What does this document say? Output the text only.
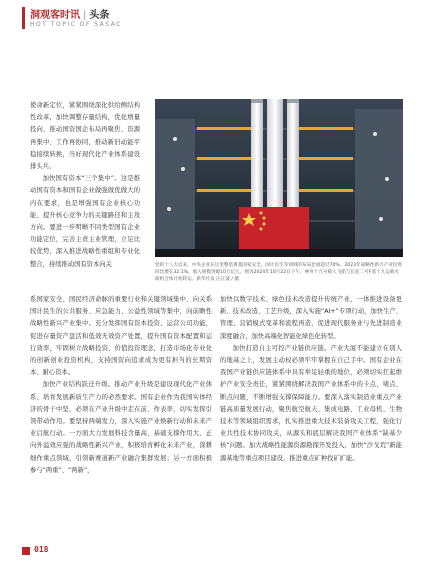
洞观客时讯 | 头条
HOT TOPIC OF SASAC

使命新定位，紧紧围绕深化供给侧结构性改革，加快调整存量结构，优化增量投向，推动国资国企布局再聚焦、资源再集中、工作再协同，推动新旧动能平稳接续转换，当好现代化产业体系建设排头兵。

加快国有资本“三个集中”。这是推动国有资本和国有企业做强做优做大的内在要求，也是增强国有企业核心功能、提升核心竞争力的关键路径和主攻方向。要进一步明晰不同类型国有企业功能定位，完善主责主业管理，立足比较优势，深入推进战略性重组和专业化整合，持续推动国有资本向关	党的十八大以来，中央企业在这里整装奠基国家安全，国计民生等领域的布局比重超过70%，2023年战略性新兴产业投资同比增长32.1%，收入规模突破10万亿元。图为2024年10月22日下午，神舟十九号载人飞船与长征二号F遥十九运载火箭组合体开始转运。新华社发 汪江波 / 摄

系国家安全、国民经济命脉的重要行业和关键领域集中、向关系国计民生的公共服务、应急能力、公益性领域等集中，向前瞻性战略性新兴产业集中。充分发挥国有资本投资、运营公司功能，促进存量资产盘活和低效无效资产处置，提升国有资本配置和运行效率，牢固树立战略投资、价值投资理念，打造市场化专业化的创新创业投资机构，支持国资向追求成为更有担当的长期资本、耐心资本。

加快产业结构跃迁升级。推动产业升级是建设现代化产业体系、培育发展新质生产力的必然要求。国有企业作为我国实体经济的骨干中坚，必须在产业升级中走在前、作表率，切实发挥引领带动作用。要坚持两端发力，深入实施产业焕新行动和未来产业启航行动。一方面大力发展科技含量高、基础支撑作用大、正向外溢效应强的战略性新兴产业，积极培育孵化未来产业，深耕细作重点领域，引领新赛道新产业融合集群发展；另一方面积极参与“两重”、“两新”，

加快以数字技术、绿色技术改造提升传统产业，一体推进设备更新、技术改造、工艺升级，深入实施“AI+”专项行动，加快生产、管理、营销模式变革和流程再造，促进现代服务业与先进制造业深度融合，加快高端化智能化绿色化转型。

加快打造自主可控产业链供应链。产业大厦不能建立在别人的地基之上，发展主动权必须牢牢掌握在自己手中。国有企业在我国产业链供应链体系中具有举足轻重的地位，必须切实扛起维护产业安全责任，紧紧围绕解决我国产业体系中的卡点、堵点、断点问题，不断增强支撑保障能力。要深入落实制造业重点产业链高质量发展行动，聚焦航空航天、集成电路、工业母机、生物技术等领域组织需求，扎实推进重大技术装备攻关工程，强化行业共性技术协同攻关，从源头和底层解决我国产业体系“缺基少核”问题。加大战略性能源资源勘探开发投入，加快“沙戈荒”新能源基地等重点项目建设，推进重点矿种找矿扩能。

018
